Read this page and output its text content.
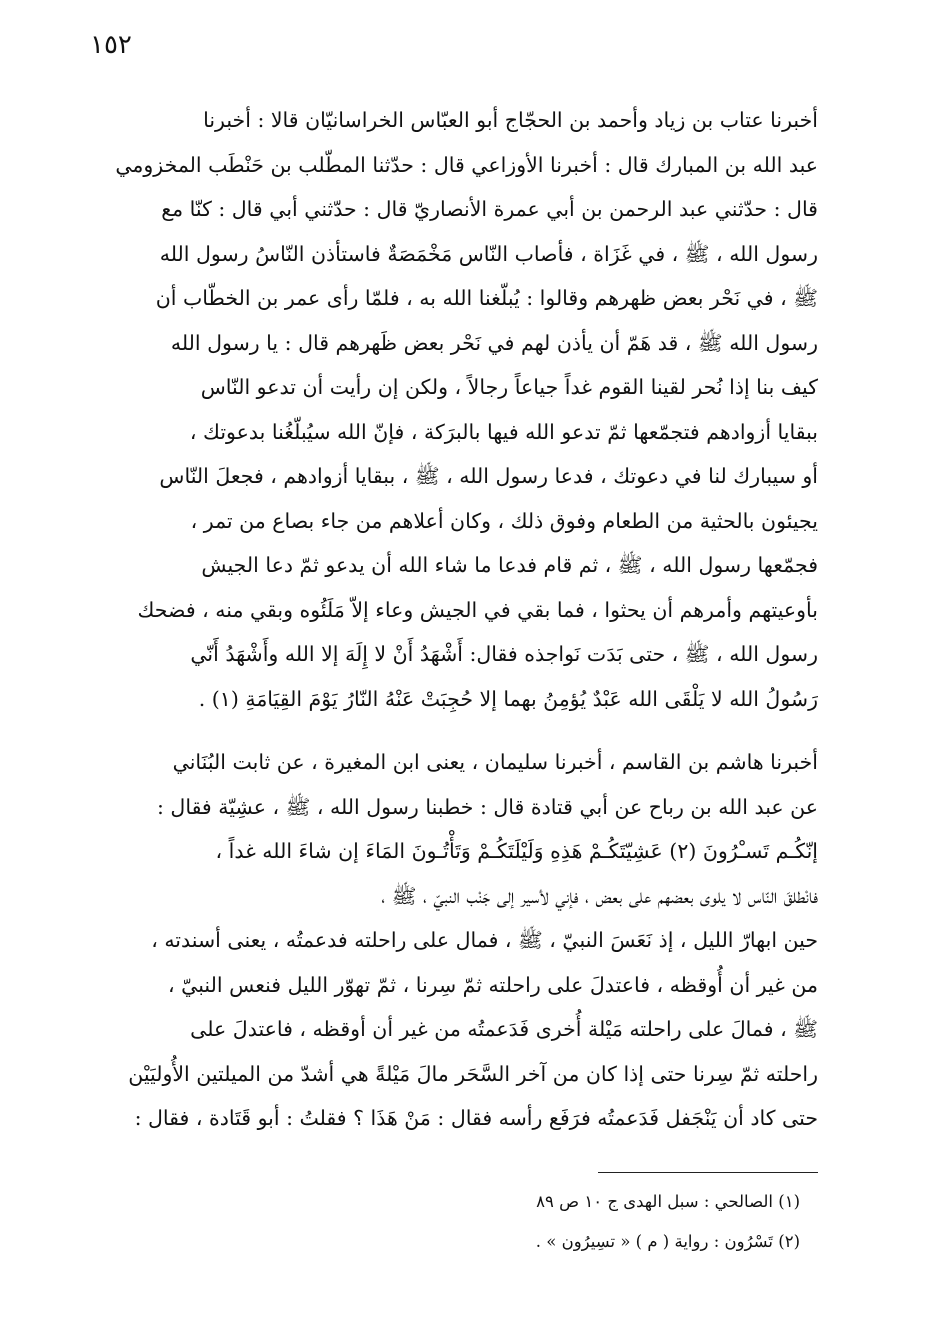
١٥٢
أخبرنا عتاب بن زياد وأحمد بن الحجّاج أبو العبّاس الخراسانيّان قالا : أخبرنا
عبد الله بن المبارك قال : أخبرنا الأوزاعي قال : حدّثنا المطّلب بن حَنْطَب المخزومي
قال : حدّثني عبد الرحمن بن أبي عمرة الأنصاريّ قال : حدّثني أبي قال : كنّا مع
رسول الله ، ﷺ ، في غَزَاة ، فأصاب النّاس مَخْمَصَةٌ فاستأذن النّاسُ رسول الله
ﷺ ، في نَحْر بعض ظهرهم وقالوا : يُبلّغنا الله به ، فلمّا رأى عمر بن الخطّاب أن
رسول الله ﷺ ، قد هَمّ أن يأذن لهم في نَحْر بعض ظَهرهم قال : يا رسول الله
كيف بنا إذا نُحر لقينا القوم غداً جياعاً رجالاً ، ولكن إن رأيت أن تدعو النّاس
ببقايا أزوادهم فتجمّعها ثمّ تدعو الله فيها بالبرَكة ، فإنّ الله سيُبلّغُنا بدعوتك ،
أو سيبارك لنا في دعوتك ، فدعا رسول الله ، ﷺ ، ببقايا أزوادهم ، فجعلَ النّاس
يجيئون بالحثية من الطعام وفوق ذلك ، وكان أعلاهم من جاء بصاع من تمر ،
فجمّعها رسول الله ، ﷺ ، ثم قام فدعا ما شاء الله أن يدعو ثمّ دعا الجيش
بأوعيتهم وأمرهم أن يحثوا ، فما بقي في الجيش وعاء إلاّ مَلَئُوه وبقي منه ، فضحك
رسول الله ، ﷺ ، حتى بَدَت نَواجذه فقال: أَشْهَدُ أَنْ لا إِلَهَ إلا الله وأَشْهَدُ أَنّي
رَسُولُ الله لا يَلْقَى الله عَبْدٌ يُؤمِنُ بهما إلا حُجِبَتْ عَنْهُ النّارُ يَوْمَ القِيَامَةِ (١) .
أخبرنا هاشم بن القاسم ، أخبرنا سليمان ، يعنى ابن المغيرة ، عن ثابت البُنَاني
عن عبد الله بن رباح عن أبي قتادة قال : خطبنا رسول الله ، ﷺ ، عشِيّة فقال :
إنّكُـم تَسـْرُونَ (٢) عَشِيّتَكُـمْ هَذِهِ وَلَيْلَتَكُـمْ وَتَأْتُـونَ المَاءَ إن شاءَ الله غداً ،
فانْطلقَ النّاس لا يلوى بعضهم على بعض ، فإني لأسير إلى جَنْب النبيّ ، ﷺ ،
حين ابهارّ الليل ، إذ نَعَسَ النبيّ ، ﷺ ، فمال على راحلته فدعمتُه ، يعنى أسندته ،
من غير أن أُوقظه ، فاعتدلَ على راحلته ثمّ سِرنا ، ثمّ تهوّر الليل فنعس النبيّ ،
ﷺ ، فمالَ على راحلته مَيْلة أُخرى فَدَعمتُه من غير أن أوقظه ، فاعتدلَ على
راحلته ثمّ سِرنا حتى إذا كان من آخر السَّحَر مالَ مَيْلةً هي أشدّ من الميلتين الأُوليَيْن
حتى كاد أن يَنْجَفل فَدَعمتُه فرَفَع رأسه فقال : مَنْ هَذَا ؟ فقلتُ : أبو قَتَادة ، فقال :
(١) الصالحي : سبل الهدى ج ١٠ ص ٨٩
(٢) تَسْرُون : رواية ( م ) « تسِيرُون » .
